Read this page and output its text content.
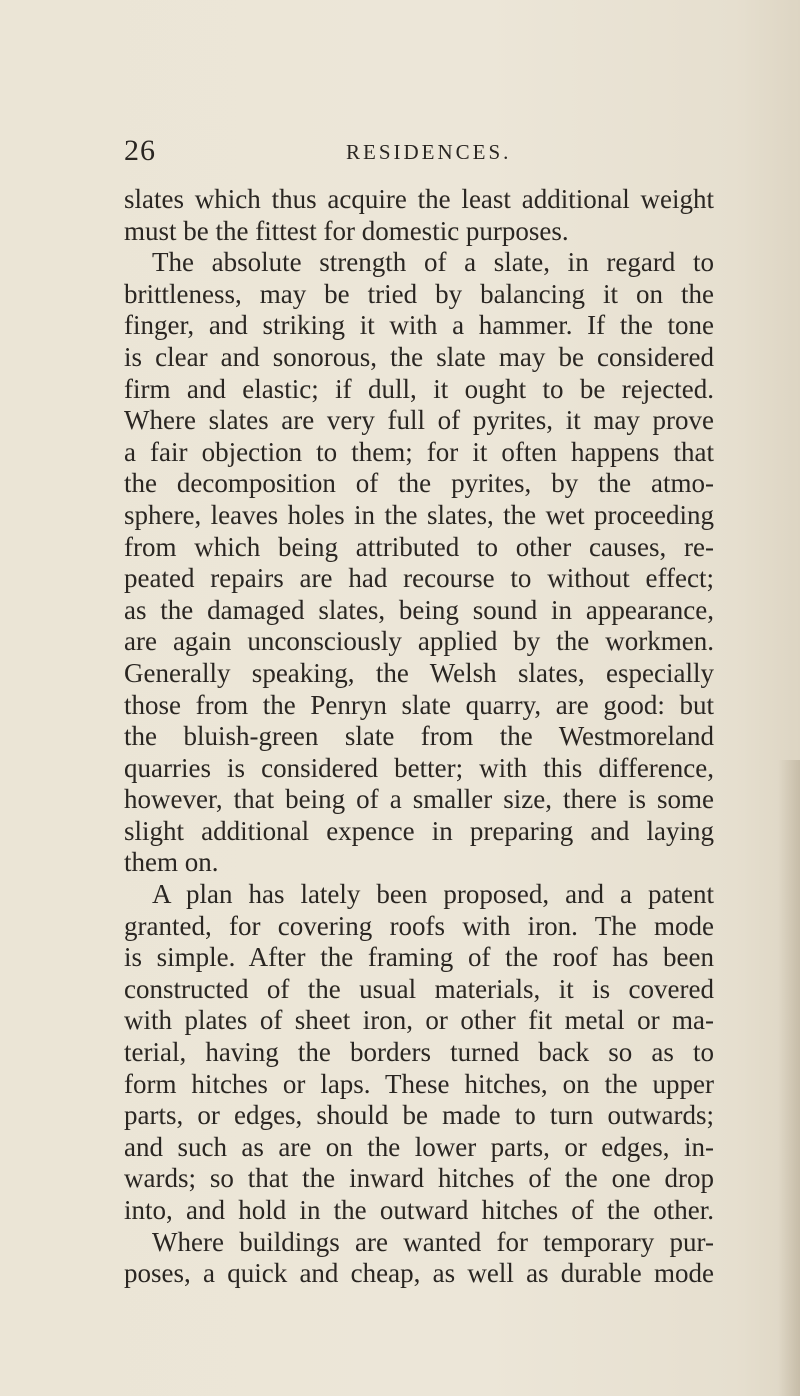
26	RESIDENCES.
slates which thus acquire the least additional weight
must be the fittest for domestic purposes.
The absolute strength of a slate, in regard to
brittleness, may be tried by balancing it on the
finger, and striking it with a hammer. If the tone
is clear and sonorous, the slate may be considered
firm and elastic; if dull, it ought to be rejected.
Where slates are very full of pyrites, it may prove
a fair objection to them; for it often happens that
the decomposition of the pyrites, by the atmo-
sphere, leaves holes in the slates, the wet proceeding
from which being attributed to other causes, re-
peated repairs are had recourse to without effect;
as the damaged slates, being sound in appearance,
are again unconsciously applied by the workmen.
Generally speaking, the Welsh slates, especially
those from the Penryn slate quarry, are good: but
the bluish-green slate from the Westmoreland
quarries is considered better; with this difference,
however, that being of a smaller size, there is some
slight additional expence in preparing and laying
them on.
A plan has lately been proposed, and a patent
granted, for covering roofs with iron. The mode
is simple. After the framing of the roof has been
constructed of the usual materials, it is covered
with plates of sheet iron, or other fit metal or ma-
terial, having the borders turned back so as to
form hitches or laps. These hitches, on the upper
parts, or edges, should be made to turn outwards;
and such as are on the lower parts, or edges, in-
wards; so that the inward hitches of the one drop
into, and hold in the outward hitches of the other.
Where buildings are wanted for temporary pur-
poses, a quick and cheap, as well as durable mode
